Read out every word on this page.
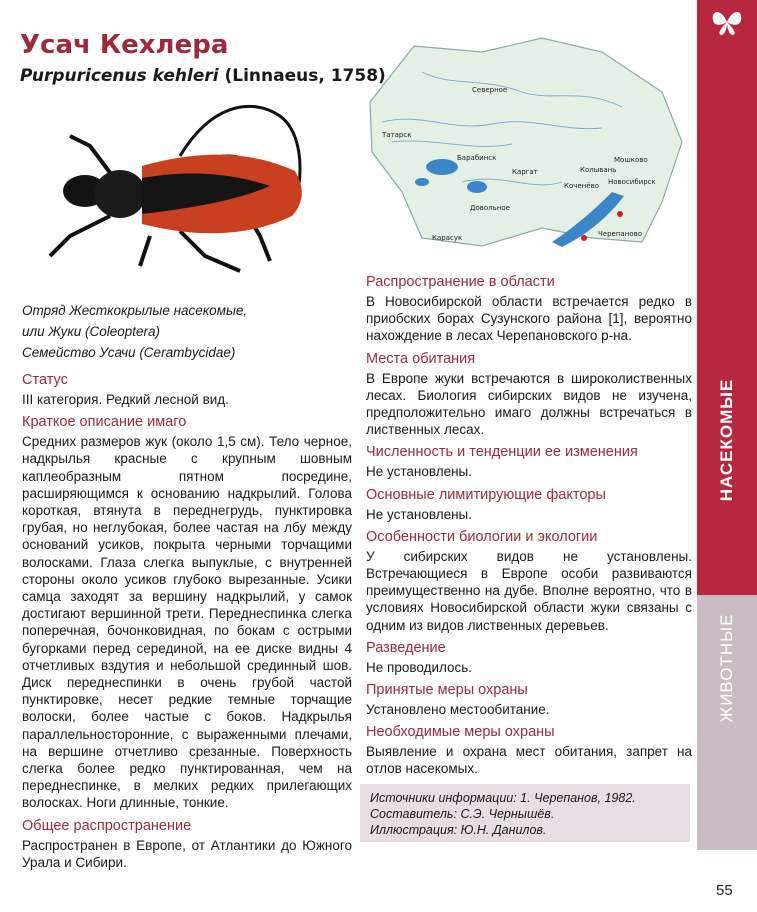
Усач Кехлера
Purpuricenus kehleri (Linnaeus, 1758)
Отряд Жесткокрылые насекомые,
или Жуки (Coleoptera)
Семейство Усачи (Cerambycidae)
Статус

III категория. Редкий лесной вид.

Краткое описание имаго

Средних размеров жук (около 1,5 см). Тело черное, надкрылья красные с крупным шовным каплеобразным пятном посредине, расширяющимся к основанию надкрылий. Голова короткая, втянута в переднегрудь, пунктировка грубая, но неглубокая, более частая на лбу между оснований усиков, покрыта черными торчащими волосками. Глаза слегка выпуклые, с внутренней стороны около усиков глубоко вырезанные. Усики самца заходят за вершину надкрылий, у самок достигают вершинной трети. Переднеспинка слегка поперечная, бочонковидная, по бокам с острыми бугорками перед серединой, на ее диске видны 4 отчетливых вздутия и небольшой срединный шов. Диск переднеспинки в очень грубой частой пунктировке, несет редкие темные торчащие волоски, более частые с боков. Надкрылья параллельносторонние, с выраженными плечами, на вершине отчетливо срезанные. Поверхность слегка более редко пунктированная, чем на переднеспинке, в мелких редких прилегающих волосках. Ноги длинные, тонкие.

Общее распространение

Распространен в Европе, от Атлантики до Южного Урала и Сибири.

Татарск
Северное
Барабинск
Каргат	Колывань
Мошково
Кочeнёво Новосибирск
Довольное
Черепаново
Карасук
Распространение в области

В Новосибирской области встречается редко в приобских борах Сузунского района [1], вероятно нахождение в лесах Черепановского р-на.

Места обитания

В Европе жуки встречаются в широколиственных лесах. Биология сибирских видов не изучена, предположительно имаго должны встречаться в лиственных лесах.

Численность и тенденции ее изменения

Не установлены.

Основные лимитирующие факторы

Не установлены.

Особенности биологии и экологии

У сибирских видов не установлены. Встречающиеся в Европе особи развиваются преимущественно на дубе. Вполне вероятно, что в условиях Новосибирской области жуки связаны с одним из видов лиственных деревьев.

Разведение

Не проводилось.

Принятые меры охраны

Установлено местообитание.

Необходимые меры охраны

Выявление и охрана мест обитания, запрет на отлов насекомых.

Источники информации: 1. Черепанов, 1982.
Составитель: С.Э. Чернышёв.
Иллюстрация: Ю.Н. Данилов.
НАСЕКОМЫЕ
ЖИВОТНЫЕ
55
